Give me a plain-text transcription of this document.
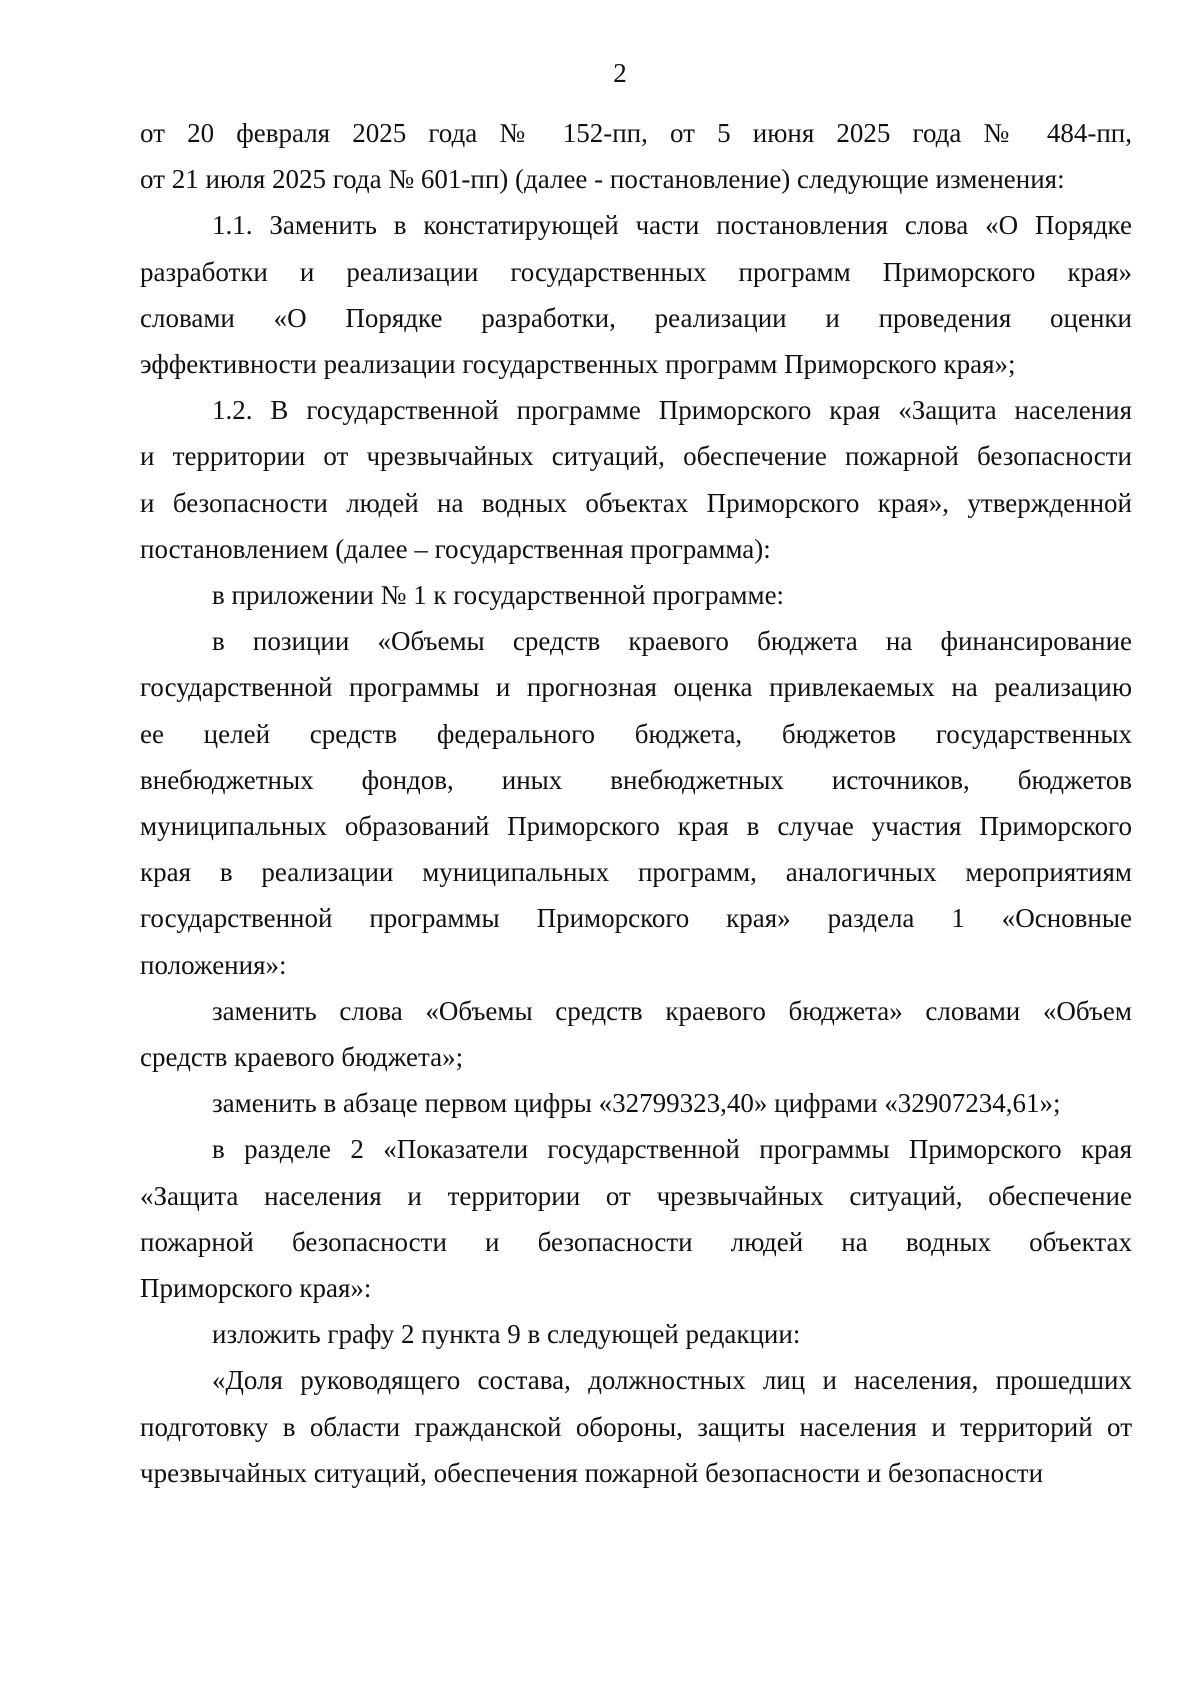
2
от 20 февраля 2025 года № 152-пп, от 5 июня 2025 года № 484-пп,
от 21 июля 2025 года № 601-пп) (далее - постановление) следующие изменения:
1.1. Заменить в констатирующей части постановления слова «О Порядке
разработки и реализации государственных программ Приморского края»
словами «О Порядке разработки, реализации и проведения оценки
эффективности реализации государственных программ Приморского края»;
1.2. В государственной программе Приморского края «Защита населения
и территории от чрезвычайных ситуаций, обеспечение пожарной безопасности
и безопасности людей на водных объектах Приморского края», утвержденной
постановлением (далее – государственная программа):
в приложении № 1 к государственной программе:
в позиции «Объемы средств краевого бюджета на финансирование
государственной программы и прогнозная оценка привлекаемых на реализацию
ее целей средств федерального бюджета, бюджетов государственных
внебюджетных фондов, иных внебюджетных источников, бюджетов
муниципальных образований Приморского края в случае участия Приморского
края в реализации муниципальных программ, аналогичных мероприятиям
государственной программы Приморского края» раздела 1 «Основные
положения»:
заменить слова «Объемы средств краевого бюджета» словами «Объем
средств краевого бюджета»;
заменить в абзаце первом цифры «32799323,40» цифрами «32907234,61»;
в разделе 2 «Показатели государственной программы Приморского края
«Защита населения и территории от чрезвычайных ситуаций, обеспечение
пожарной безопасности и безопасности людей на водных объектах
Приморского края»:
изложить графу 2 пункта 9 в следующей редакции:
«Доля руководящего состава, должностных лиц и населения, прошедших
подготовку в области гражданской обороны, защиты населения и территорий от
чрезвычайных ситуаций, обеспечения пожарной безопасности и безопасности
